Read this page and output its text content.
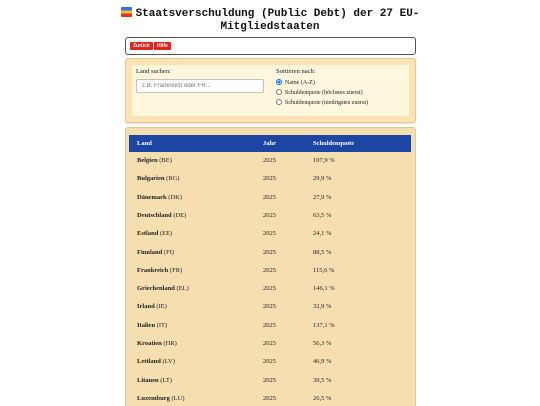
Staatsverschuldung (Public Debt) der 27 EU-
Mitgliedstaaten
Zurück	Hilfe
Land suchen:
z.B. Frankreich oder FR...	Sortieren nach:
Name (A-Z)
Schuldenquote (höchstes zuerst)
Schuldenquote (niedrigstes zuerst)
Land	Jahr	Schuldenquote
Belgien (BE)	2025	107,9 %
Bulgarien (BG)	2025	29,9 %
Dänemark (DK)	2025	27,9 %
Deutschland (DE)	2025	63,5 %
Estland (EE)	2025	24,1 %
Finnland (FI)	2025	88,5 %
Frankreich (FR)	2025	115,6 %
Griechenland (EL)	2025	146,1 %
Irland (IE)	2025	32,9 %
Italien (IT)	2025	137,1 %
Kroatien (HR)	2025	56,3 %
Lettland (LV)	2025	46,9 %
Litauen (LT)	2025	39,5 %
Luxemburg (LU)	2025	26,5 %
